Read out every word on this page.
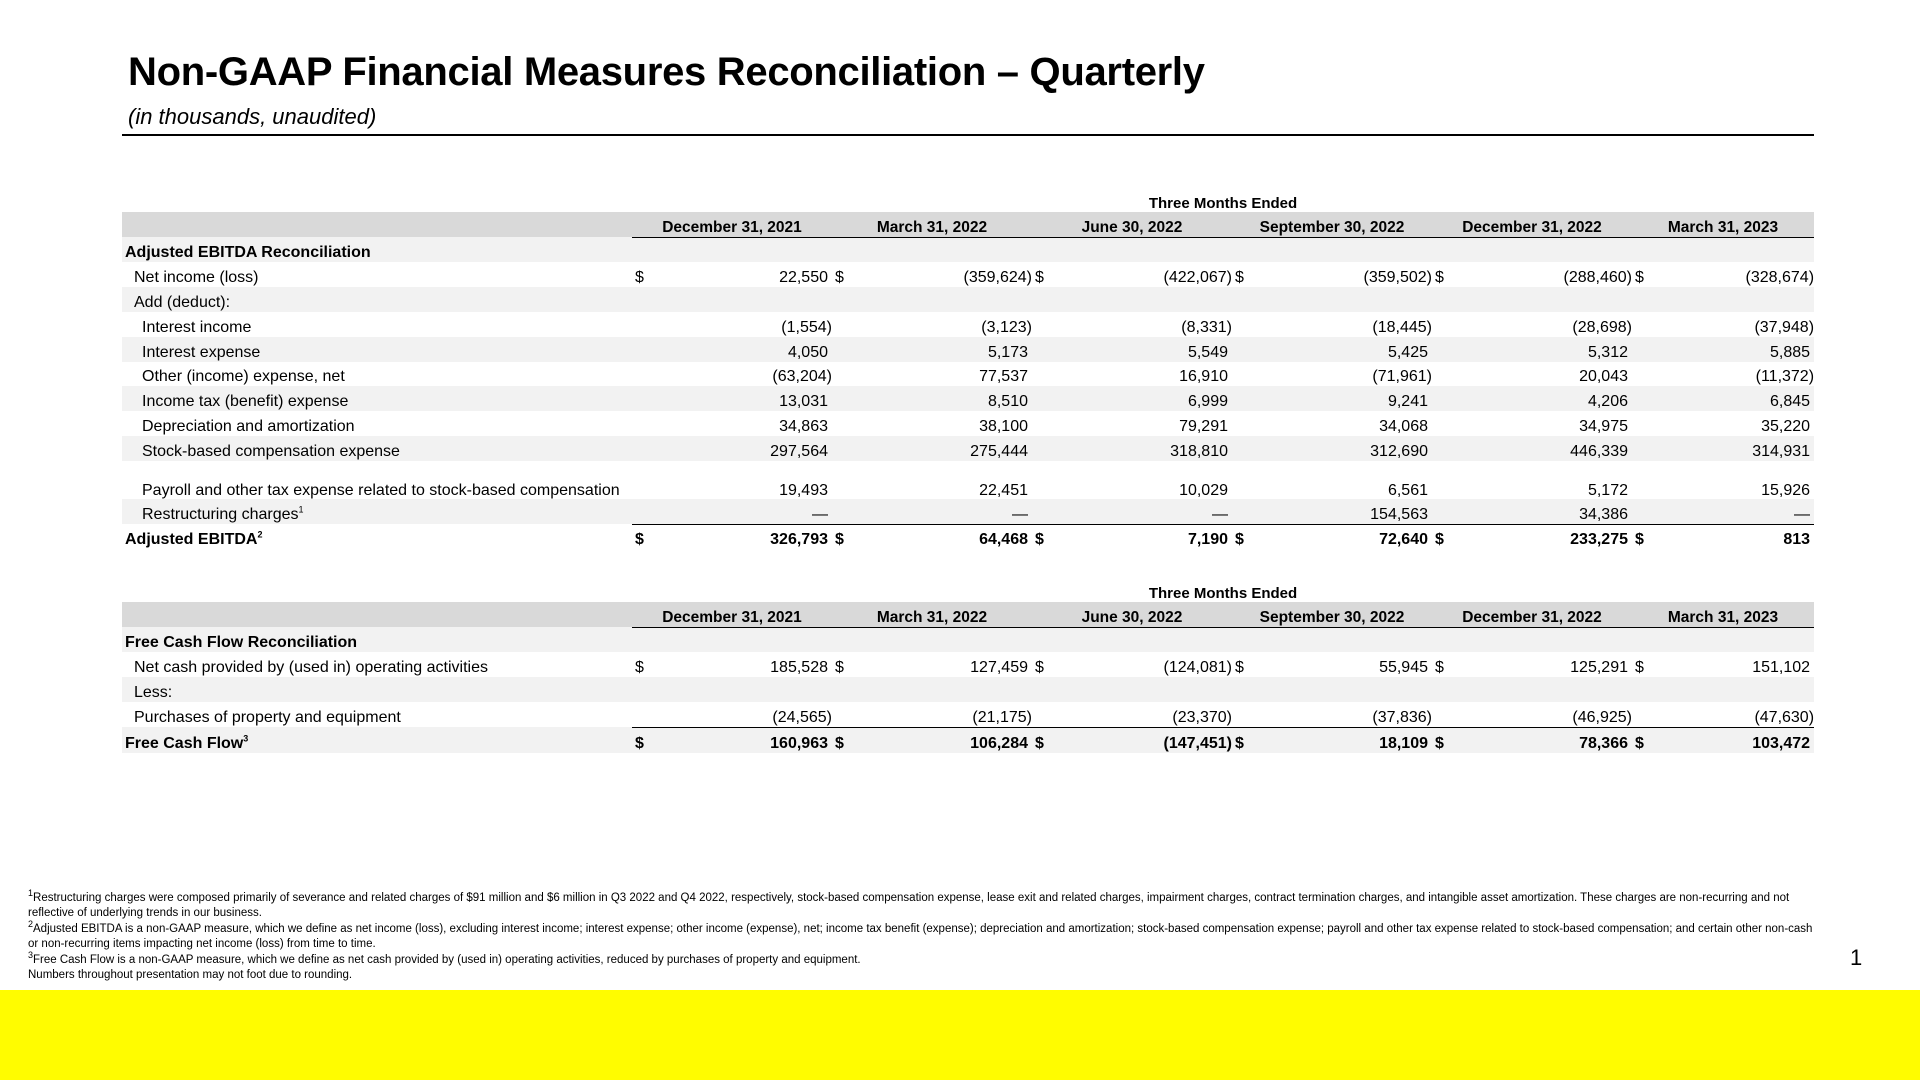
Non-GAAP Financial Measures Reconciliation – Quarterly
(in thousands, unaudited)
	Three Months Ended											
	December 31, 2021		March 31, 2022		June 30, 2022		September 30, 2022		December 31, 2022		March 31, 2023	
Adjusted EBITDA Reconciliation												
Net income (loss)	$	22,550	$	(359,624)	$	(422,067)	$	(359,502)	$	(288,460)	$	(328,674)
Add (deduct):												
Interest income		(1,554)		(3,123)		(8,331)		(18,445)		(28,698)		(37,948)
Interest expense		4,050		5,173		5,549		5,425		5,312		5,885
Other (income) expense, net		(63,204)		77,537		16,910		(71,961)		20,043		(11,372)
Income tax (benefit) expense		13,031		8,510		6,999		9,241		4,206		6,845
Depreciation and amortization		34,863		38,100		79,291		34,068		34,975		35,220
Stock-based compensation expense		297,564		275,444		318,810		312,690		446,339		314,931
Payroll and other tax expense related to stock-based compensation		19,493		22,451		10,029		6,561		5,172		15,926
Restructuring charges$^1$		—		—		—		154,563		34,386		—
Adjusted EBITDA$^2$	$	326,793	$	64,468	$	7,190	$	72,640	$	233,275	$	813
	Three Months Ended											
	December 31, 2021		March 31, 2022		June 30, 2022		September 30, 2022		December 31, 2022		March 31, 2023	
Free Cash Flow Reconciliation												
Net cash provided by (used in) operating activities	$	185,528	$	127,459	$	(124,081)	$	55,945	$	125,291	$	151,102
Less:												
Purchases of property and equipment		(24,565)		(21,175)		(23,370)		(37,836)		(46,925)		(47,630)
Free Cash Flow$^3$	$	160,963	$	106,284	$	(147,451)	$	18,109	$	78,366	$	103,472

$^1$Restructuring charges were composed primarily of severance and related charges of $91 million and $6 million in Q3 2022 and Q4 2022, respectively, stock-based compensation expense, lease exit and related charges, impairment charges, contract termination charges, and intangible asset amortization. These charges are non-recurring and not reflective of underlying trends in our business.

$^2$Adjusted EBITDA is a non-GAAP measure, which we define as net income (loss), excluding interest income; interest expense; other income (expense), net; income tax benefit (expense); depreciation and amortization; stock-based compensation expense; payroll and other tax expense related to stock-based compensation; and certain other non-cash or non-recurring items impacting net income (loss) from time to time.

$^3$Free Cash Flow is a non-GAAP measure, which we define as net cash provided by (used in) operating activities, reduced by purchases of property and equipment.

Numbers throughout presentation may not foot due to rounding.

1
